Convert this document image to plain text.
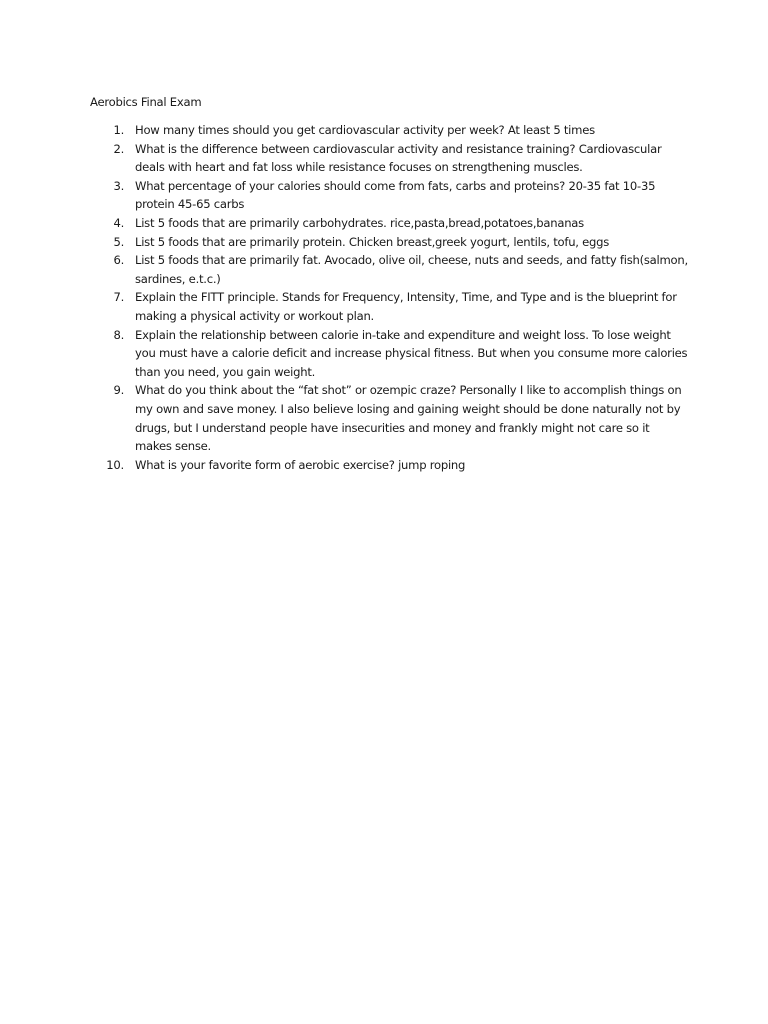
Aerobics Final Exam
1. How many times should you get cardiovascular activity per week? At least 5 times
2. What is the difference between cardiovascular activity and resistance training? Cardiovascular deals with heart and fat loss while resistance focuses on strengthening muscles.
3. What percentage of your calories should come from fats, carbs and proteins? 20-35 fat 10-35 protein 45-65 carbs
4. List 5 foods that are primarily carbohydrates. rice,pasta,bread,potatoes,bananas
5. List 5 foods that are primarily protein. Chicken breast,greek yogurt, lentils, tofu, eggs
6. List 5 foods that are primarily fat. Avocado, olive oil, cheese, nuts and seeds, and fatty fish(salmon, sardines, e.t.c.)
7. Explain the FITT principle. Stands for Frequency, Intensity, Time, and Type and is the blueprint for making a physical activity or workout plan.
8. Explain the relationship between calorie in-take and expenditure and weight loss. To lose weight you must have a calorie deficit and increase physical fitness. But when you consume more calories than you need, you gain weight.
9. What do you think about the “fat shot” or ozempic craze? Personally I like to accomplish things on my own and save money. I also believe losing and gaining weight should be done naturally not by drugs, but I understand people have insecurities and money and frankly might not care so it makes sense.
10. What is your favorite form of aerobic exercise? jump roping
